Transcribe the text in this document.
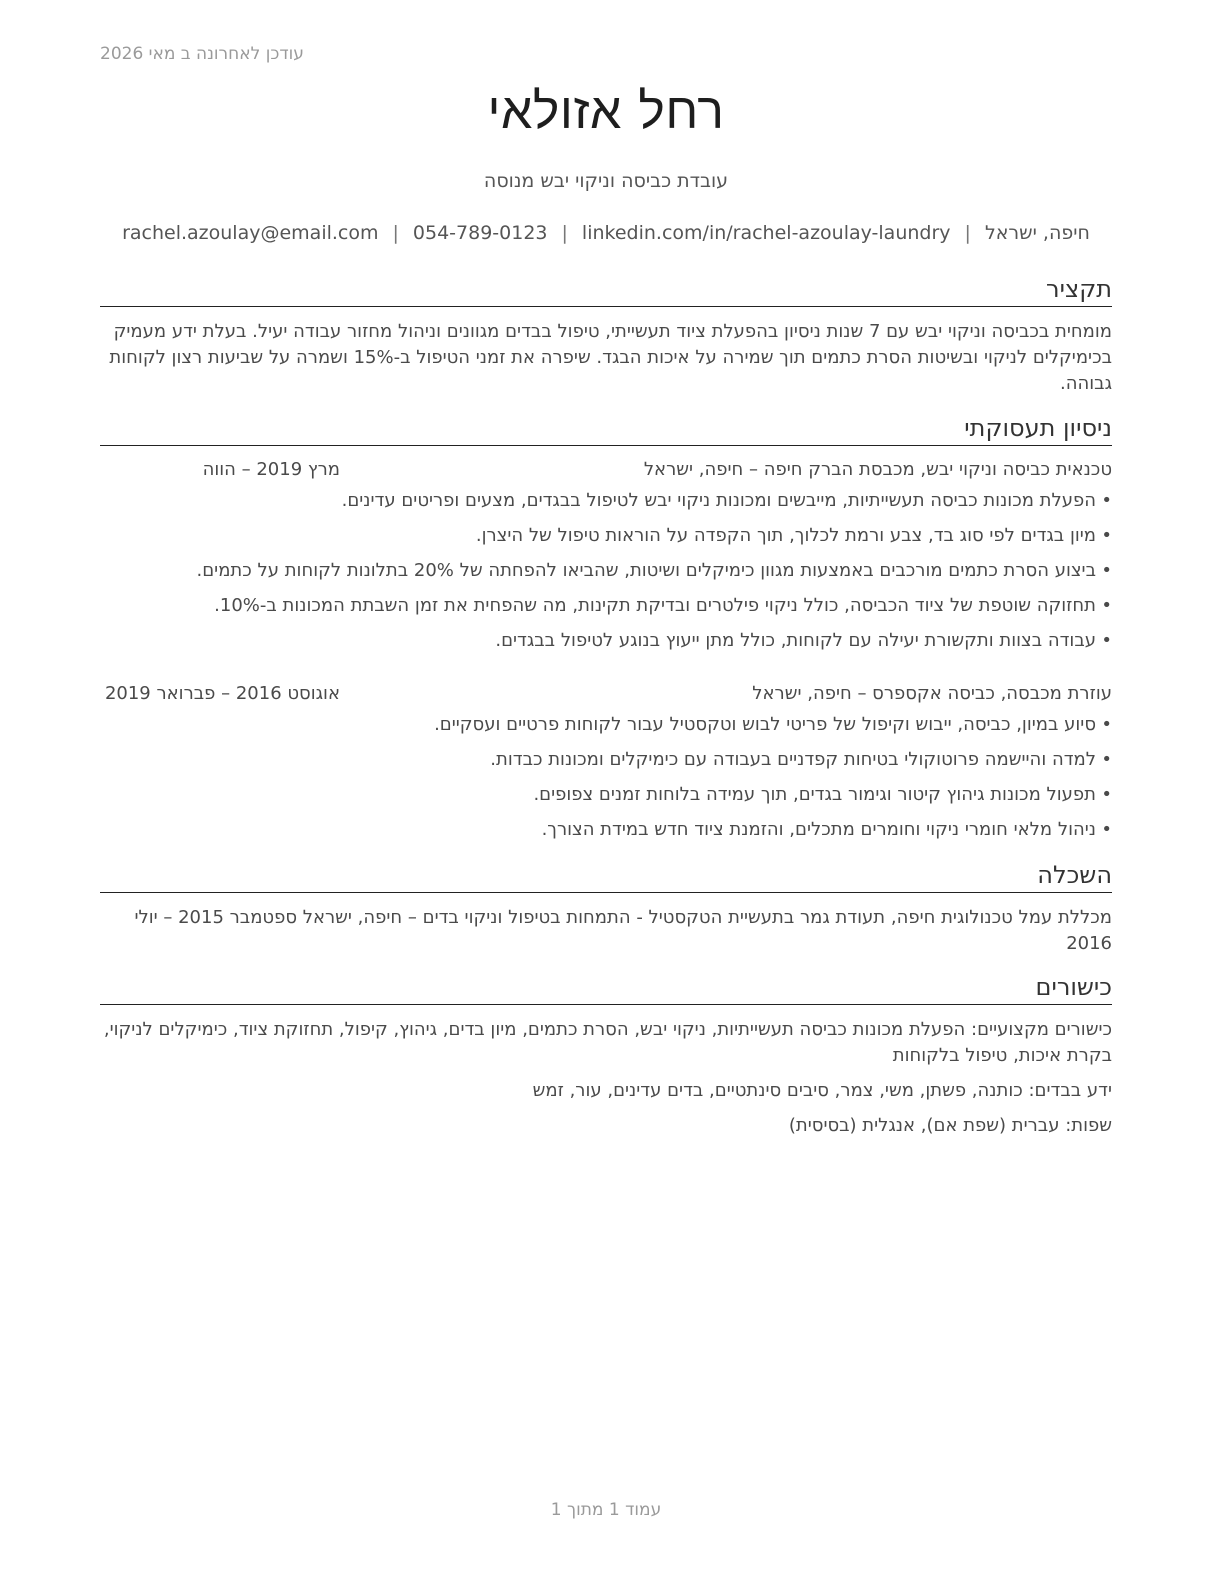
עודכן לאחרונה ב מאי 2026
רחל אזולאי
עובדת כביסה וניקוי יבש מנוסה
חיפה, ישראל|rachel.azoulay@email.com | 054-789-0123 | linkedin.com/in/rachel-azoulay-laundry
תקציר
מומחית בכביסה וניקוי יבש עם 7 שנות ניסיון בהפעלת ציוד תעשייתי, טיפול בבדים מגוונים וניהול מחזור עבודה יעיל. בעלת ידע מעמיק בכימיקלים לניקוי ובשיטות הסרת כתמים תוך שמירה על איכות הבגד. שיפרה את זמני הטיפול ב-15% ושמרה על שביעות רצון לקוחות גבוהה.
ניסיון תעסוקתי
טכנאית כביסה וניקוי יבש, מכבסת הברק חיפה – חיפה, ישראל
מרץ 2019 – הווה
•
הפעלת מכונות כביסה תעשייתיות, מייבשים ומכונות ניקוי יבש לטיפול בבגדים, מצעים ופריטים עדינים.
•
מיון בגדים לפי סוג בד, צבע ורמת לכלוך, תוך הקפדה על הוראות טיפול של היצרן.
•
ביצוע הסרת כתמים מורכבים באמצעות מגוון כימיקלים ושיטות, שהביאו להפחתה של 20% בתלונות לקוחות על כתמים.
•
תחזוקה שוטפת של ציוד הכביסה, כולל ניקוי פילטרים ובדיקת תקינות, מה שהפחית את זמן השבתת המכונות ב-10%.
•
עבודה בצוות ותקשורת יעילה עם לקוחות, כולל מתן ייעוץ בנוגע לטיפול בבגדים.
עוזרת מכבסה, כביסה אקספרס – חיפה, ישראל
אוגוסט 2016 – פברואר 2019
•
סיוע במיון, כביסה, ייבוש וקיפול של פריטי לבוש וטקסטיל עבור לקוחות פרטיים ועסקיים.
•
למדה והיישמה פרוטוקולי בטיחות קפדניים בעבודה עם כימיקלים ומכונות כבדות.
•
תפעול מכונות גיהוץ קיטור וגימור בגדים, תוך עמידה בלוחות זמנים צפופים.
•
ניהול מלאי חומרי ניקוי וחומרים מתכלים, והזמנת ציוד חדש במידת הצורך.
השכלה
מכללת עמל טכנולוגית חיפה, תעודת גמר בתעשיית הטקסטיל - התמחות בטיפול וניקוי בדים – חיפה, ישראל ספטמבר 2015 – יולי 2016
כישורים
כישורים מקצועיים: הפעלת מכונות כביסה תעשייתיות, ניקוי יבש, הסרת כתמים, מיון בדים, גיהוץ, קיפול, תחזוקת ציוד, כימיקלים לניקוי, בקרת איכות, טיפול בלקוחות
ידע בבדים: כותנה, פשתן, משי, צמר, סיבים סינתטיים, בדים עדינים, עור, זמש
שפות: עברית (שפת אם), אנגלית (בסיסית)
עמוד 1 מתוך 1
